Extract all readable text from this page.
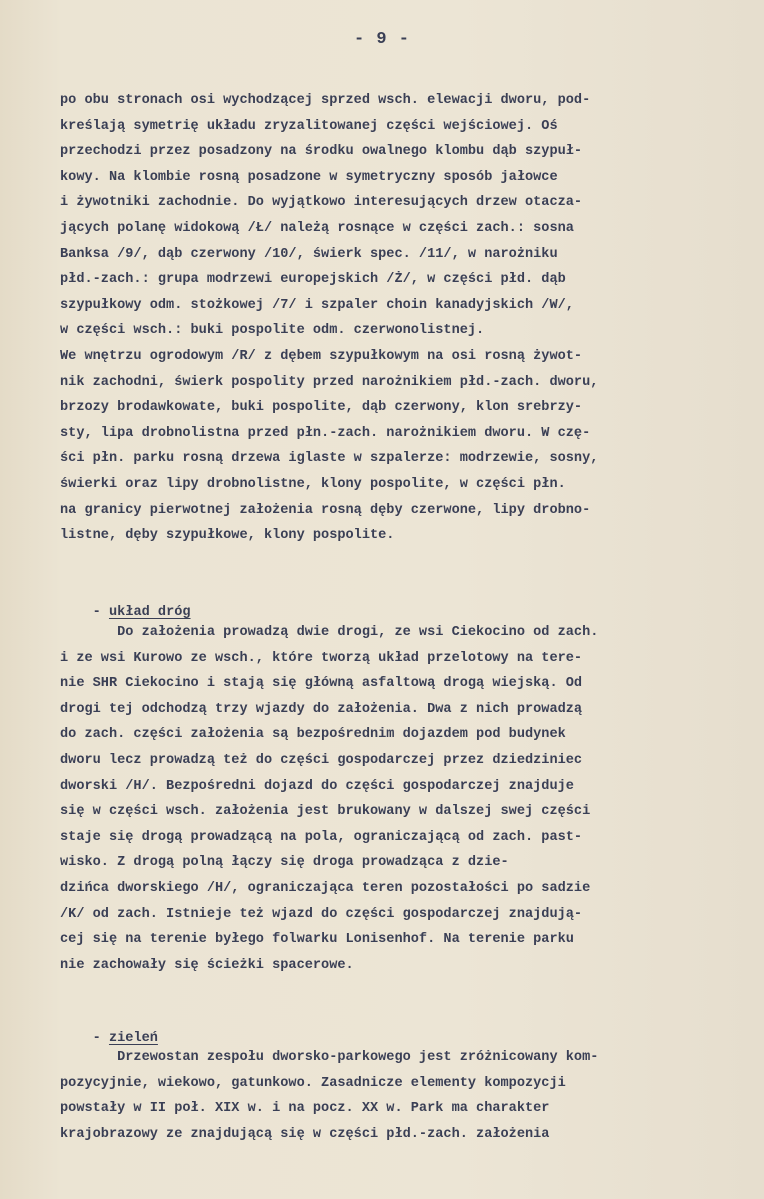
- 9 -
po obu stronach osi wychodzącej sprzed wsch. elewacji dworu, pod-
kreślają symetrię układu zryzalitowanej części wejściowej. Oś
przechodzi przez posadzony na środku owalnego klombu dąb szypuł-
kowy. Na klombie rosną posadzone w symetryczny sposób jałowce
i żywotniki zachodnie. Do wyjątkowo interesujących drzew otacza-
jących polanę widokową /Ł/ należą rosnące w części zach.: sosna
Banksa /9/, dąb czerwony /10/, świerk spec. /11/, w narożniku
płd.-zach.: grupa modrzewi europejskich /Ż/, w części płd. dąb
szypułkowy odm. stożkowej /7/ i szpaler choin kanadyjskich /W/,
w części wsch.: buki pospolite odm. czerwonolistnej.
We wnętrzu ogrodowym /R/ z dębem szypułkowym na osi rosną żywot-
nik zachodni, świerk pospolity przed narożnikiem płd.-zach. dworu,
brzozy brodawkowate, buki pospolite, dąb czerwony, klon srebrzy-
sty, lipa drobnolistna przed płn.-zach. narożnikiem dworu. W czę-
ści płn. parku rosną drzewa iglaste w szpalerze: modrzewie, sosny,
świerki oraz lipy drobnolistne, klony pospolite, w części płn.
na granicy pierwotnej założenia rosną dęby czerwone, lipy drobno-
listne, dęby szypułkowe, klony pospolite.

- układ dróg

Do założenia prowadzą dwie drogi, ze wsi Ciekocino od zach.
i ze wsi Kurowo ze wsch., które tworzą układ przelotowy na tere-
nie SHR Ciekocino i stają się główną asfaltową drogą wiejską. Od
drogi tej odchodzą trzy wjazdy do założenia. Dwa z nich prowadzą
do zach. części założenia są bezpośrednim dojazdem pod budynek
dworu lecz prowadzą też do części gospodarczej przez dziedziniec
dworski /H/. Bezpośredni dojazd do części gospodarczej znajduje
się w części wsch. założenia jest brukowany w dalszej swej części
staje się drogą prowadzącą na pola, ograniczającą od zach. past-
wisko. Z drogą polną łączy się droga prowadząca z dzie-
dzińca dworskiego /H/, ograniczająca teren pozostałości po sadzie
/K/ od zach. Istnieje też wjazd do części gospodarczej znajdują-
cej się na terenie byłego folwarku Lonisenhof. Na terenie parku
nie zachowały się ścieżki spacerowe.

- zieleń

Drzewostan zespołu dworsko-parkowego jest zróżnicowany kom-
pozycyjnie, wiekowo, gatunkowo. Zasadnicze elementy kompozycji
powstały w II poł. XIX w. i na pocz. XX w. Park ma charakter
krajobrazowy ze znajdującą się w części płd.-zach. założenia
